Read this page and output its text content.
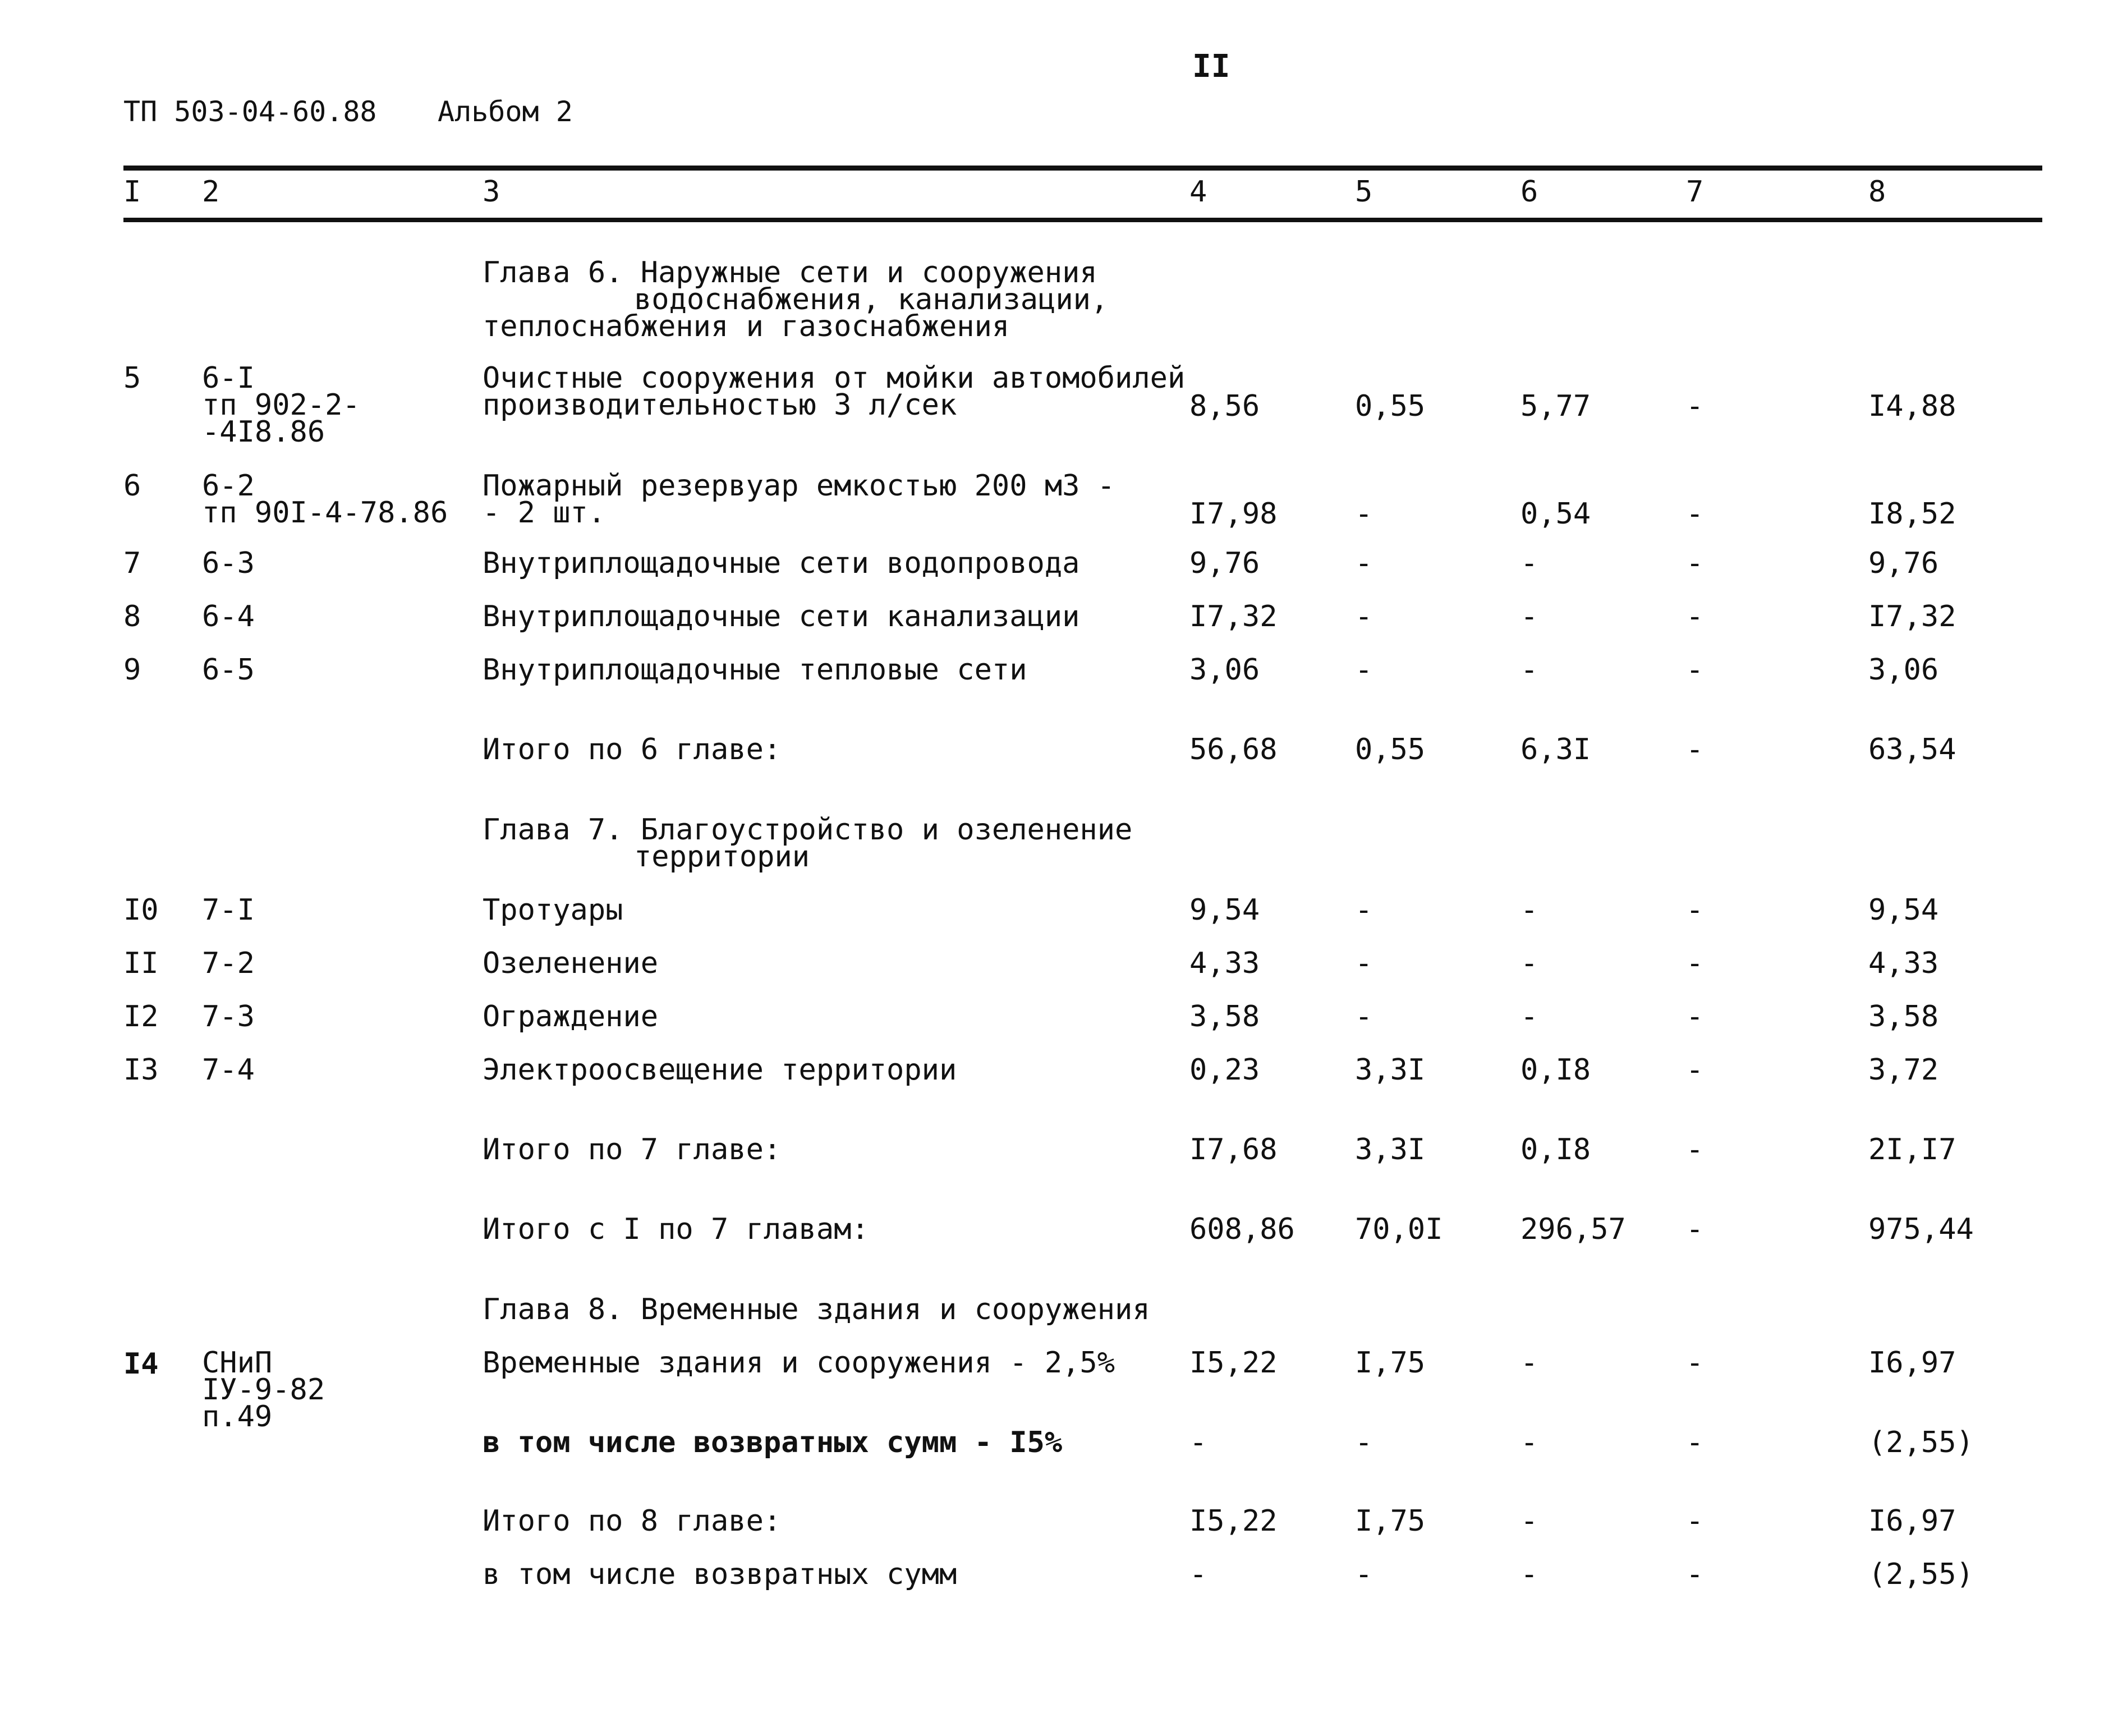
II
ТП 503-04-60.88 Альбом 2
I 2	3	4	5	6	7	8
Глава 6. Наружные сети и сооружения
водоснабжения, канализации,
теплоснабжения и газоснабжения
5 6-I
тп 902-2-
-4I8.86
Очистные сооружения от мойки автомобилей
производительностью 3 л/сек	8,56	0,55	5,77	-	I4,88
6 6-2
тп 90I-4-78.86
Пожарный резервуар емкостью 200 м3 -
- 2 шт.	I7,98	-	0,54	-	I8,52
7 6-3	Внутриплощадочные сети водопровода	9,76	-	-	-	9,76
8 6-4	Внутриплощадочные сети канализации	I7,32	-	-	-	I7,32
9 6-5	Внутриплощадочные тепловые сети	3,06	-	-	-	3,06
Итого по 6 главе:	56,68	0,55	6,3I	-	63,54
Глава 7. Благоустройство и озеленение
территории
I0 7-I	Тротуары	9,54	-	-	-	9,54
II 7-2	Озеленение	4,33	-	-	-	4,33
I2 7-3	Ограждение	3,58	-	-	-	3,58
I3 7-4	Электроосвещение территории	0,23	3,3I	0,I8	-	3,72
Итого по 7 главе:	I7,68	3,3I	0,I8	-	2I,I7
Итого с I по 7 главам:	608,86 70,0I	296,57 -	975,44
Глава 8. Временные здания и сооружения
I4 СНиП
IУ-9-82
п.49
Временные здания и сооружения - 2,5%	I5,22	I,75	-	-	I6,97
в том числе возвратных сумм - I5%	-	-	-	-	(2,55)
Итого по 8 главе:	I5,22	I,75	-	-	I6,97
в том числе возвратных сумм	-	-	-	-	(2,55)
